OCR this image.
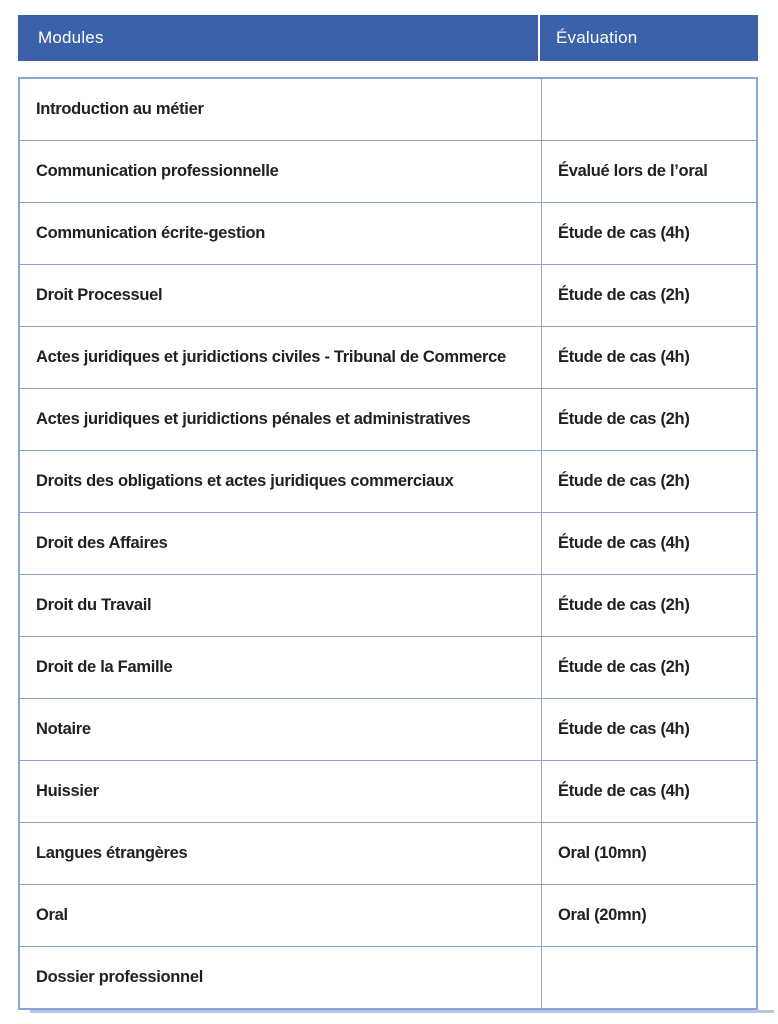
Modules	Évaluation
Introduction au métier
Communication professionnelle	Évalué lors de l’oral
Communication écrite-gestion	Étude de cas (4h)
Droit Processuel	Étude de cas (2h)
Actes juridiques et juridictions civiles - Tribunal de Commerce	Étude de cas (4h)
Actes juridiques et juridictions pénales et administratives	Étude de cas (2h)
Droits des obligations et actes juridiques commerciaux	Étude de cas (2h)
Droit des Affaires	Étude de cas (4h)
Droit du Travail	Étude de cas (2h)
Droit de la Famille	Étude de cas (2h)
Notaire	Étude de cas (4h)
Huissier	Étude de cas (4h)
Langues étrangères	Oral (10mn)
Oral	Oral (20mn)
Dossier professionnel
